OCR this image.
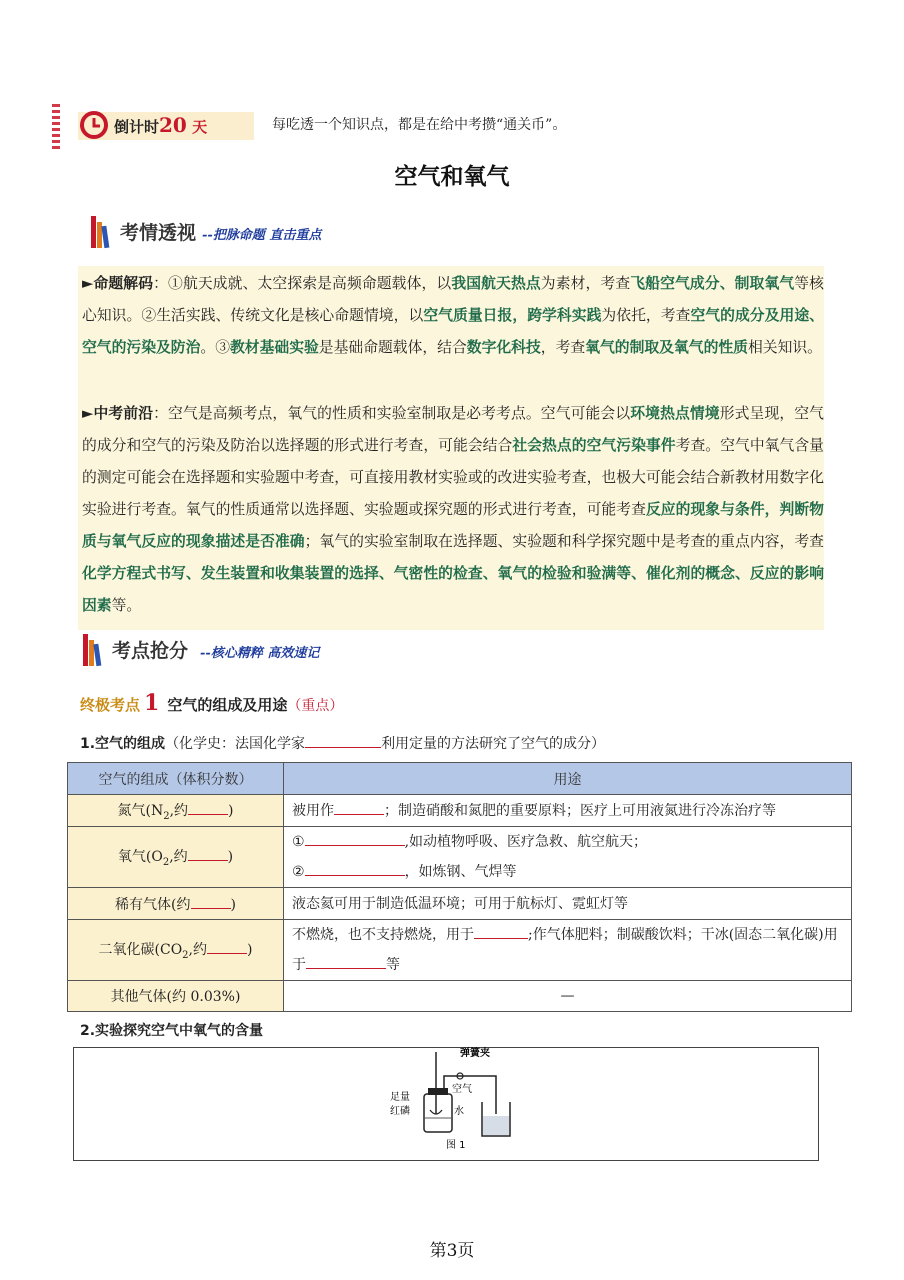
倒计时20 天	每吃透一个知识点，都是在给中考攒“通关币”。
空气和氧气
考情透视 --把脉命题 直击重点

►命题解码：①航天成就、太空探索是高频命题载体，以我国航天热点为素材，考查飞船空气成分、制取氧气等核心知识。②生活实践、传统文化是核心命题情境，以空气质量日报，跨学科实践为依托，考查空气的成分及用途、空气的污染及防治。③教材基础实验是基础命题载体，结合数字化科技，考查氧气的制取及氧气的性质相关知识。

►中考前沿：空气是高频考点，氧气的性质和实验室制取是必考考点。空气可能会以环境热点情境形式呈现，空气的成分和空气的污染及防治以选择题的形式进行考查，可能会结合社会热点的空气污染事件考查。空气中氧气含量的测定可能会在选择题和实验题中考查，可直接用教材实验或的改进实验考查，也极大可能会结合新教材用数字化实验进行考查。氧气的性质通常以选择题、实验题或探究题的形式进行考查，可能考查反应的现象与条件，判断物质与氧气反应的现象描述是否准确；氧气的实验室制取在选择题、实验题和科学探究题中是考查的重点内容，考查化学方程式书写、发生装置和收集装置的选择、气密性的检查、氧气的检验和验满等、催化剂的概念、反应的影响因素等。

考点抢分 --核心精粹 高效速记
终极考点 1 空气的组成及用途（重点）
1.空气的组成（化学史：法国化学家	利用定量的方法研究了空气的成分）
空气的组成（体积分数）	用途
氮气($N_2$,约 )	被用作 ；制造硝酸和氮肥的重要原料；医疗上可用液氮进行冷冻治疗等
氧气($O_2$,约 )	① ,如动植物呼吸、医疗急救、航空航天；
② ，如炼钢、气焊等

稀有气体(约 )	液态氦可用于制造低温环境；可用于航标灯、霓虹灯等
二氧化碳($CO_2$,约 )	不燃烧，也不支持燃烧，用于 ;作气体肥料；制碳酸饮料；干冰(固态二氧化碳)用于 等
其他气体(约 0.03%)	—
2.实验探究空气中氧气的含量
弹簧夹
空气
足量
红磷	水
图 1
第3页
